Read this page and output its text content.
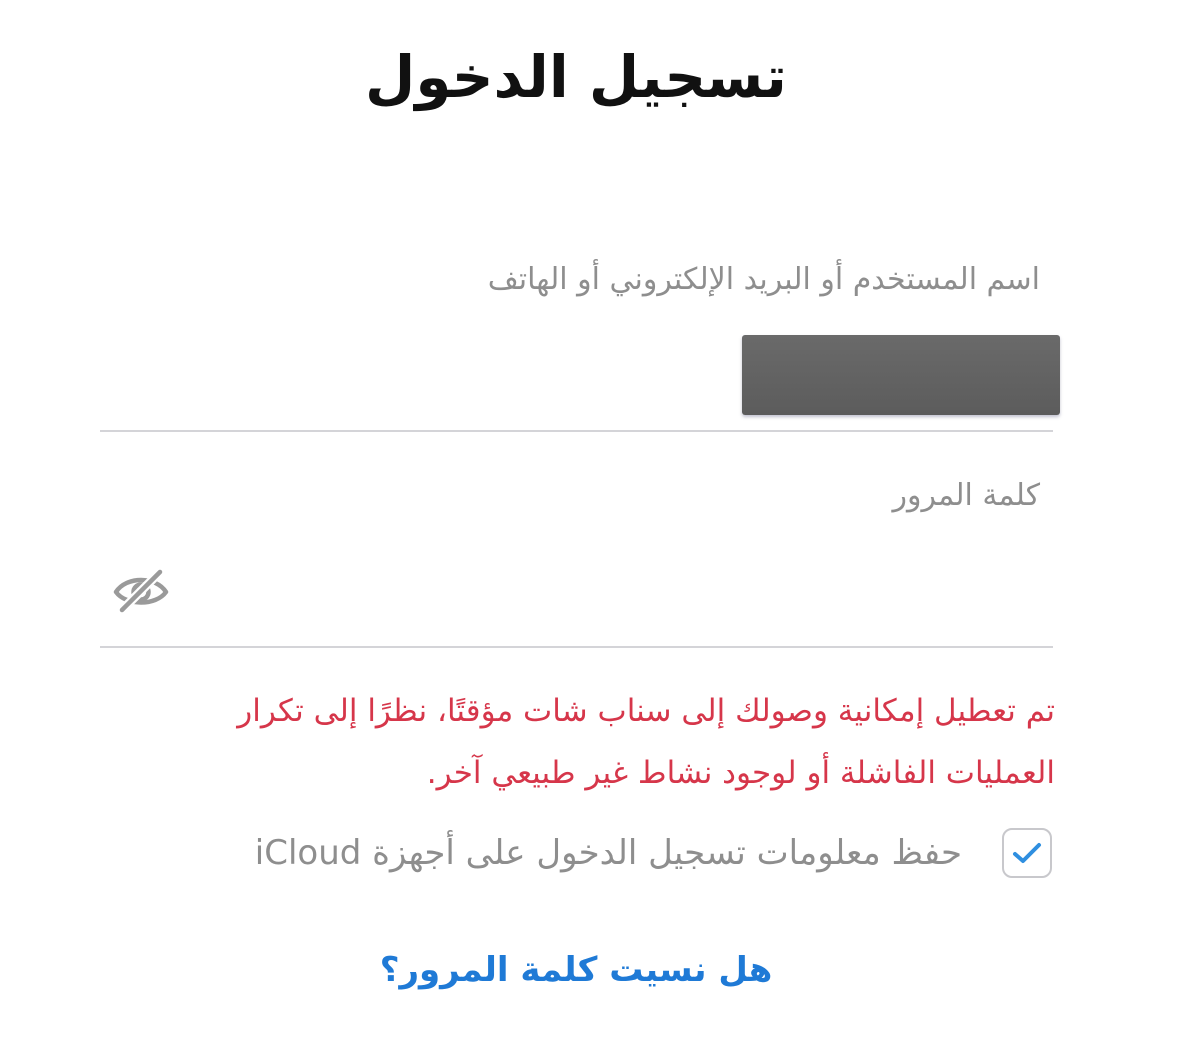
تسجيل الدخول
اسم المستخدم أو البريد الإلكتروني أو الهاتف
كلمة المرور
تم تعطيل إمكانية وصولك إلى سناب شات مؤقتًا، نظرًا إلى تكرار العمليات الفاشلة أو لوجود نشاط غير طبيعي آخر.
حفظ معلومات تسجيل الدخول على أجهزة iCloud
هل نسيت كلمة المرور؟
